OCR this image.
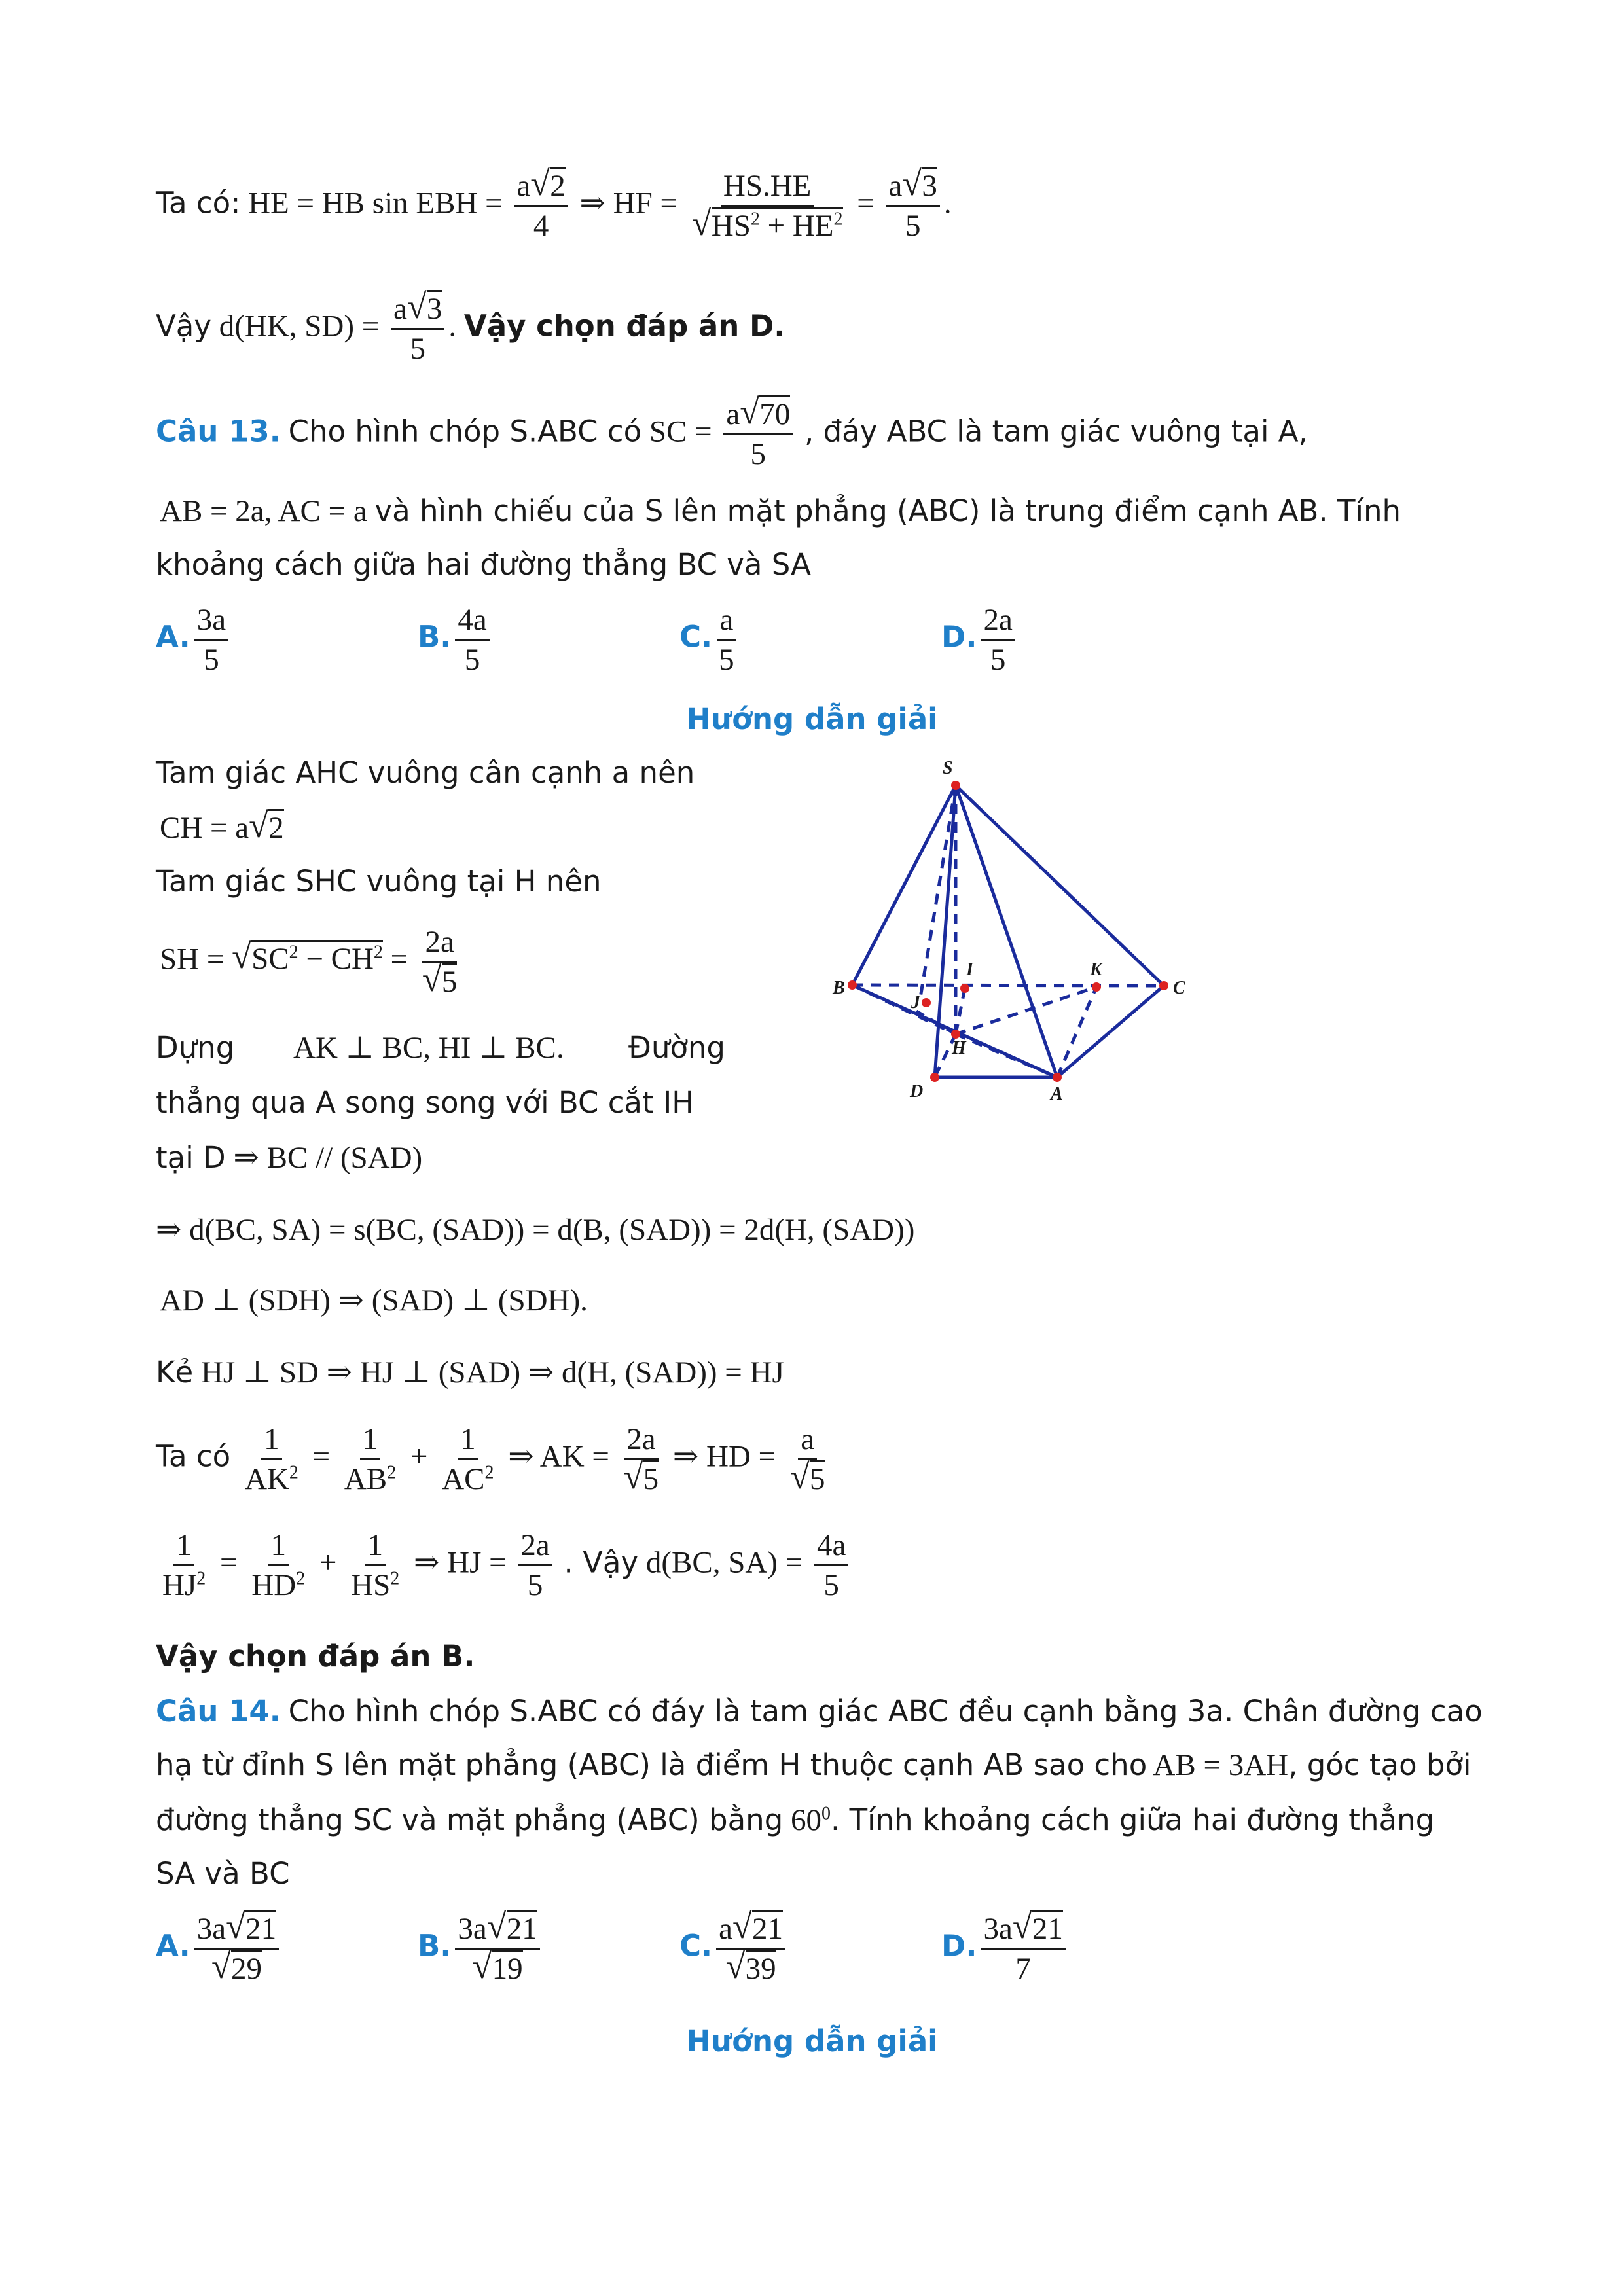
Ta có: HE = HB sin EBH = $\frac{a √ 2}{4}$ ⇒ HF = HS.HE
√ $HS^2 + HE^2 = \frac{a √ 3}{5}$ .
Vậy d(HK, $SD) = \frac{a √ 3}{5}$ . Vậy chọn đáp án D.
Câu 13. Cho hình chóp S.ABC có SC = $\frac{a √ 70}{5}$ , đáy ABC là tam giác vuông tại A,
AB = 2a, AC = a và hình chiếu của S lên mặt phẳng (ABC) là trung điểm cạnh AB. Tính
khoảng cách giữa hai đường thẳng BC và SA
A. $\frac{3a}{5}$	B. $\frac{4a}{5}$	C. $\frac{a}{5}$	D. $\frac{2a}{5}$
Hướng dẫn giải
Tam giác AHC vuông cân cạnh a nên
CH = a √ 2
Tam giác SHC vuông tại H nên
SH = √ $SC^2 - CH^2 = 2a$
√ 5
Dựng AK ⊥ BC, HI ⊥ BC . Đường
thẳng qua A song song với BC cắt IH
tại D ⇒ BC // (SAD)
S
B	C
I	K
J
H
D	A
⇒ d(BC, SA) = s(BC, (SAD)) = d(B, (SAD)) = 2d(H, (SAD))
AD ⊥ (SDH) ⇒ (SAD) ⊥ (SDH).
Kẻ HJ ⊥ SD ⇒ HJ ⊥ (SAD) ⇒ d(H, (SAD)) = HJ
Ta có $\frac{1}{AK^2} = \frac{1}{AB^2} + \frac{1}{AC^2}$ ⇒ AK = 2a
√ 5 ⇒ HD = a
√ 5
$\frac{1}{HJ^2} = \frac{1}{HD^2} + \frac{1}{HS^2}$ ⇒ HJ = $\frac{2a}{5}$ . Vậy d(BC, $SA) = \frac{4a}{5}$
Vậy chọn đáp án B.
Câu 14. Cho hình chóp S.ABC có đáy là tam giác ABC đều cạnh bằng 3a. Chân đường cao
hạ từ đỉnh S lên mặt phẳng (ABC) là điểm H thuộc cạnh AB sao cho AB = 3AH, góc tạo bởi
đường thẳng SC và mặt phẳng (ABC) bằng $60^0$. Tính khoảng cách giữa hai đường thẳng
SA và BC
A. 3a √ 21
√ 29	B. 3a √ 21
√ 19	C. a √ 21
√ 39	D. $\frac{3a √ 21}{7}$
Hướng dẫn giải
